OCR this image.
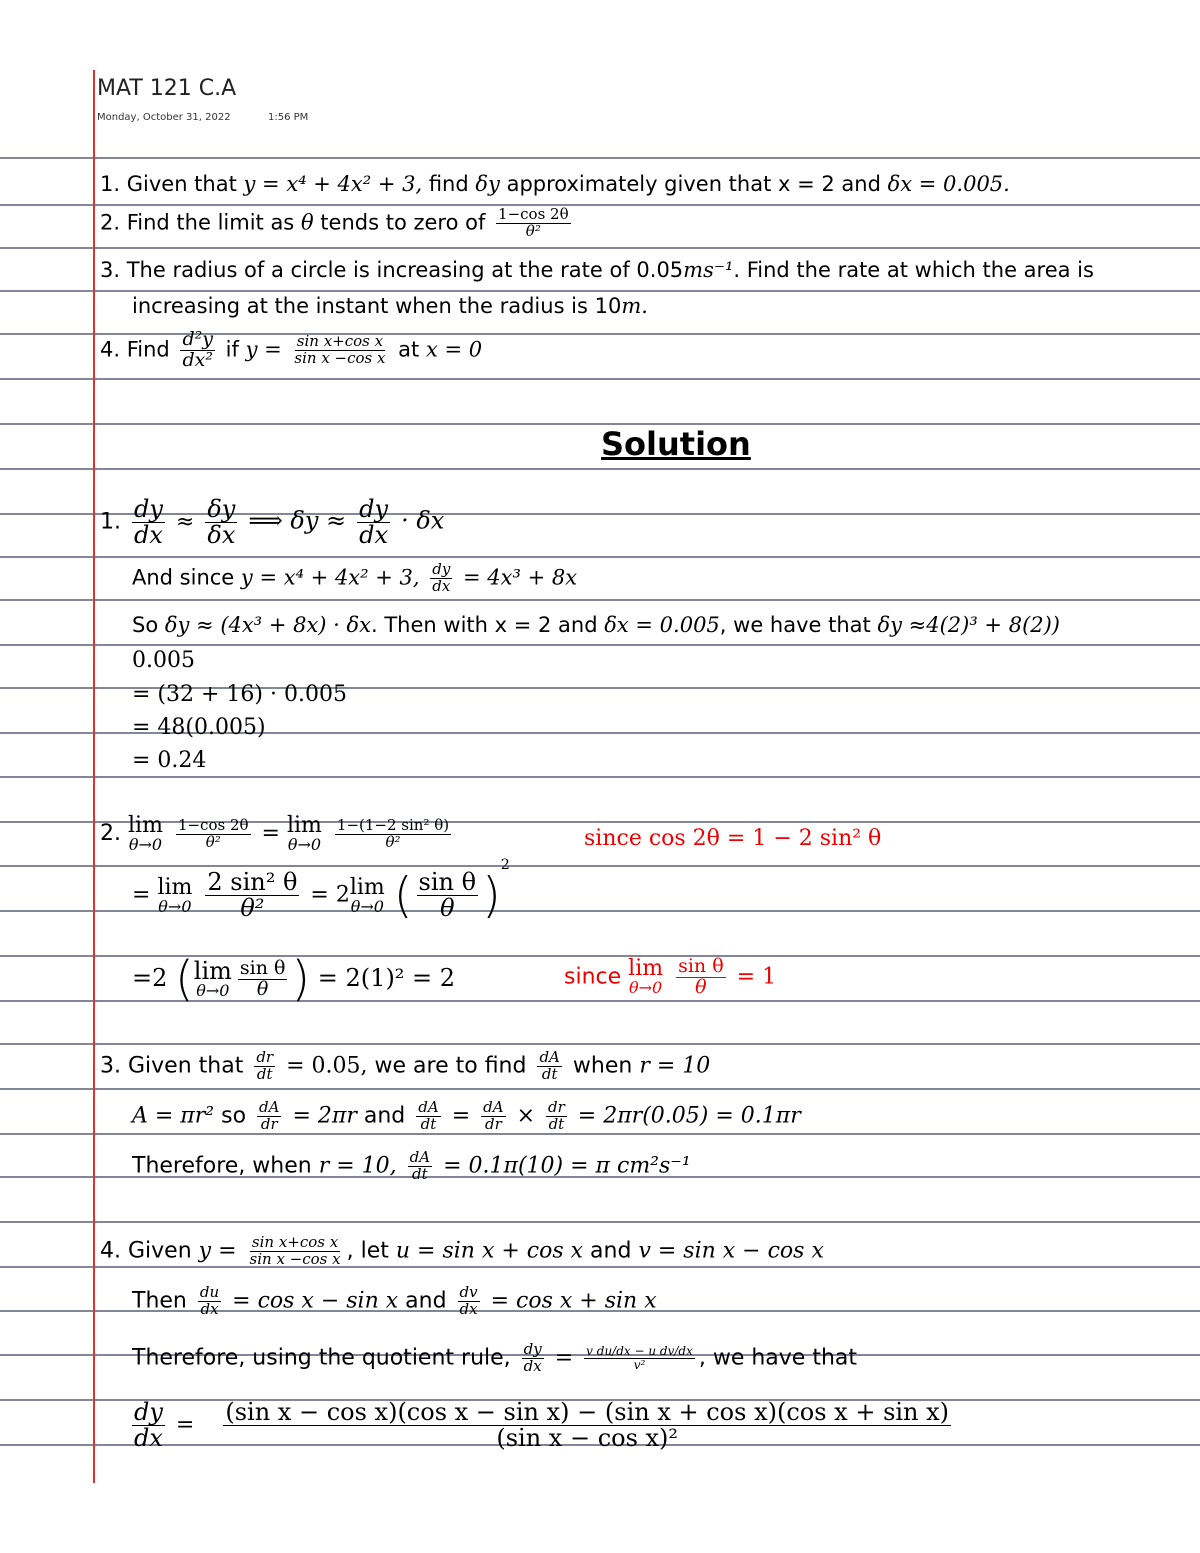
MAT 121 C.A
Monday, October 31, 2022	1:56 PM
1. Given that y = x⁴ + 4x² + 3, find δy approximately given that x = 2 and δx = 0.005.
2. Find the limit as θ tends to zero of $\frac{1-\cos 2\theta}{\text{θ²}}$
3. The radius of a circle is increasing at the rate of 0.05ms⁻¹. Find the rate at which the area is
increasing at the instant when the radius is 10m.
4. Find $\frac{\text{d²y}}{\text{dx²}}$ if $y = \frac{\text{sin x+cos x}}{\text{sin x −cos x}}$ at x = 0
Solution
1. $\frac{dy}{dx} \approx \frac{\delta y}{\delta x}$ ⟹ $\delta y \approx \frac{dy}{dx} \cdot \delta x$
And since y = x⁴ + 4x² + 3, $\frac{dy}{dx} = 4x^3 + 8x$
So δy ≈ (4x³ + 8x) · δx. Then with x = 2 and δx = 0.005, we have that δy ≈4(2)³ + 8(2))
0.005
= (32 + 16) · 0.005
= 48(0.005)
= 0.24
2. lim
θ→0
$\frac{1-\cos 2\theta}{\text{θ²}} = \lim$
θ→0
$\frac{\text{1−(1−2 sin² θ)}}{\text{θ²}}$	since cos 2θ = 1 − 2 sin² θ
= lim
θ→0
$\frac{\text{2 sin² θ}}{\text{θ²}} = 2$ lim
θ→0 ( $\frac{\text{sin θ}}{\theta} )^2$
=2 ( lim
$\theta\to 0 \frac{\text{sin θ}}{\theta}$ ) = 2(1)² = 2	since lim
θ→0
$\frac{\text{sin θ}}{\theta} = 1$
3. Given that $\frac{dr}{dt} = 0.05$, we are to find $\frac{dA}{dt}$ when r = 10
A = πr² so $\frac{dA}{dr} = 2\pi r$ and $\frac{dA}{dt} = \frac{dA}{dr} \times \frac{dr}{dt} = 2\pi r(0.05) = 0.1\pi r$
Therefore, when r = 10, $\frac{dA}{dt} = 0.1\pi(10) = \pi$ cm²s⁻¹
4. Given $y = \frac{\text{sin x+cos x}}{\text{sin x −cos x}}$ , let u = sin x + cos x and v = sin x − cos x
Then $\frac{du}{dx} = \cos x - \sin x$ and $\frac{dv}{dx} = \cos x + \sin x$
Therefore, using the quotient rule, $\frac{dy}{dx} = \frac{\text{v du/dx − u dv/dx}}{\text{v²}}$ , we have that
$\frac{dy}{dx} = (\sin$ x − cos x)(cos x − sin x) − (sin x + cos x)(cos x + sin x)
(sin x − cos x)²
